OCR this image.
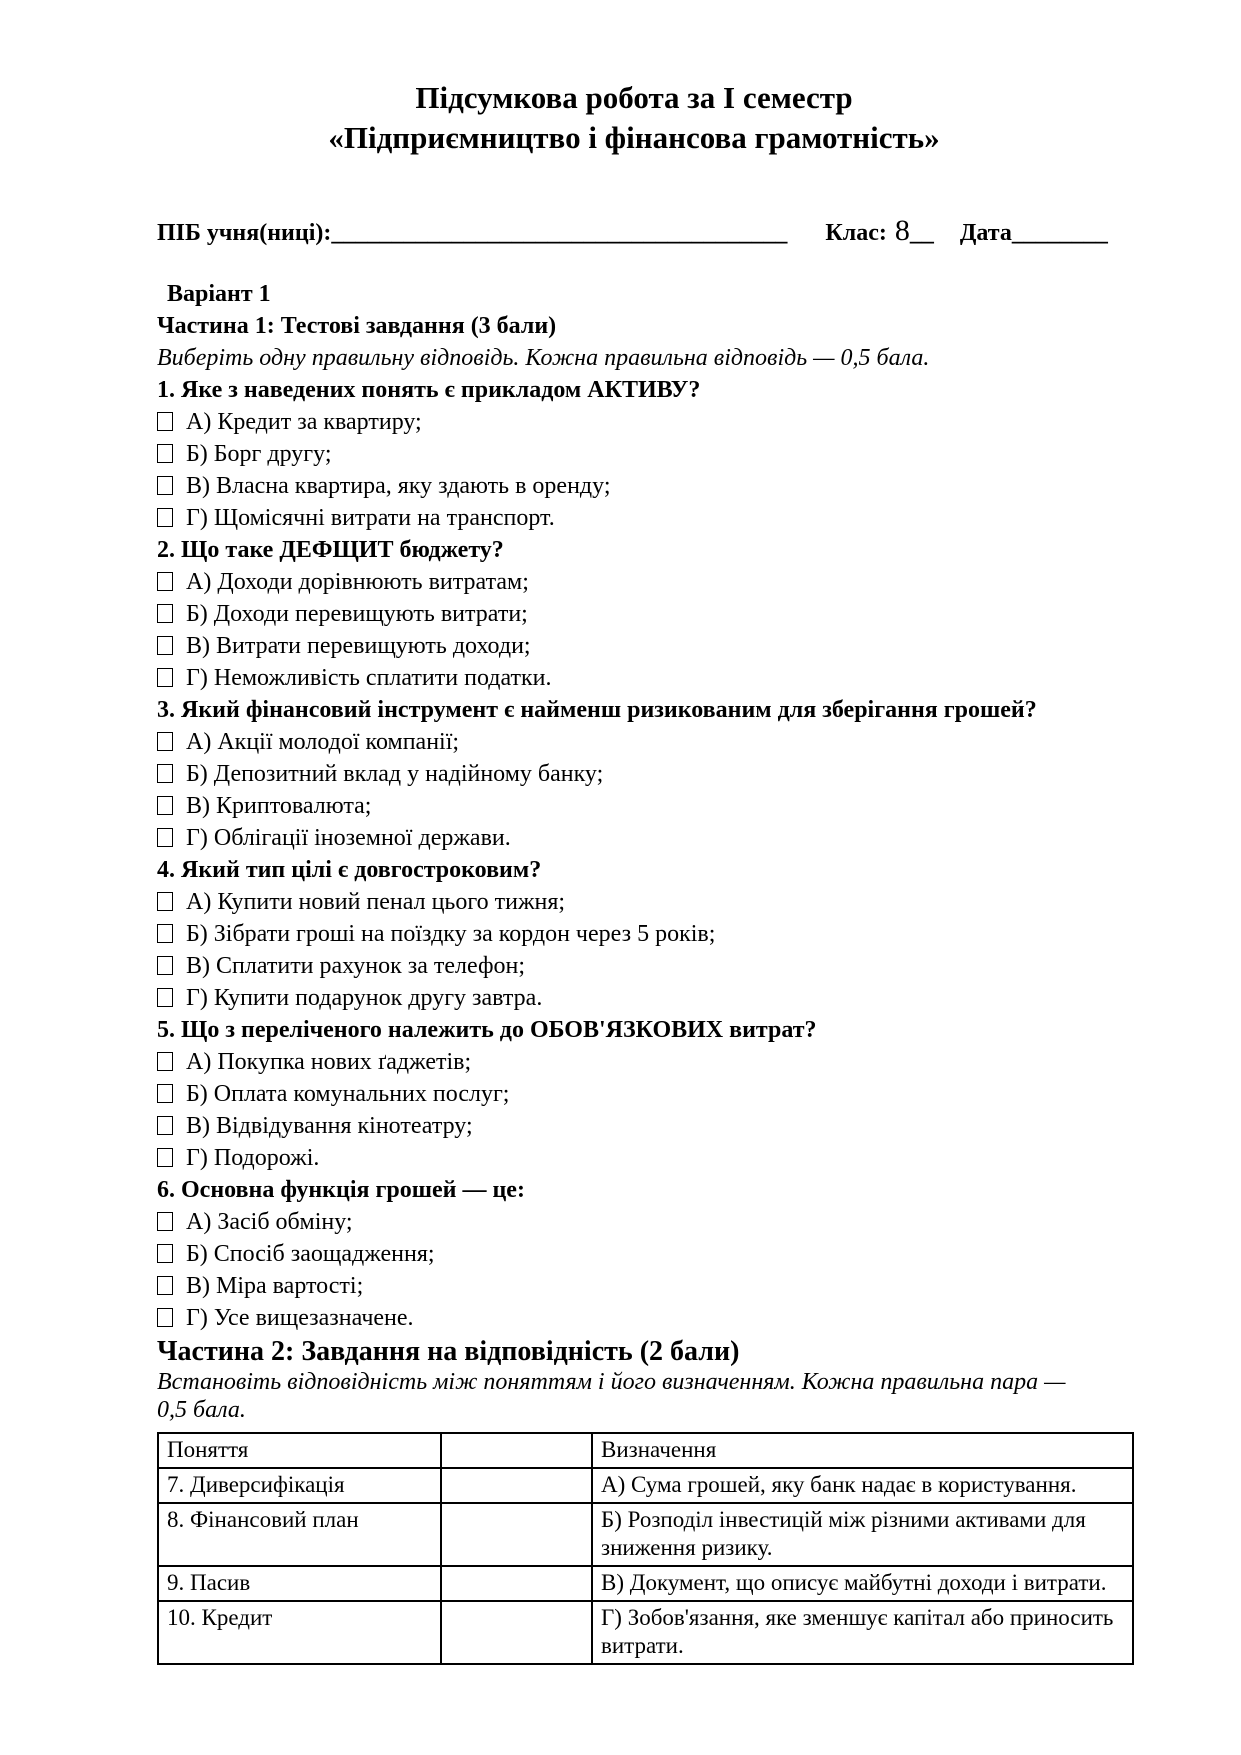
Підсумкова робота за І семестр
«Підприємництво і фінансова грамотність»
ПІБ учня(ниці): ______________________________________ Клас: 8 __ Дата ________
Варіант 1
Частина 1: Тестові завдання (3 бали)
Виберіть одну правильну відповідь. Кожна правильна відповідь — 0,5 бала.
1. Яке з наведених понять є прикладом АКТИВУ?
А) Кредит за квартиру;
Б) Борг другу;
В) Власна квартира, яку здають в оренду;
Г) Щомісячні витрати на транспорт.
2. Що таке ДЕФЩИТ бюджету?
А) Доходи дорівнюють витратам;
Б) Доходи перевищують витрати;
В) Витрати перевищують доходи;
Г) Неможливість сплатити податки.
3. Який фінансовий інструмент є найменш ризикованим для зберігання грошей?
А) Акції молодої компанії;
Б) Депозитний вклад у надійному банку;
В) Криптовалюта;
Г) Облігації іноземної держави.
4. Який тип цілі є довгостроковим?
А) Купити новий пенал цього тижня;
Б) Зібрати гроші на поїздку за кордон через 5 років;
В) Сплатити рахунок за телефон;
Г) Купити подарунок другу завтра.
5. Що з переліченого належить до ОБОВ'ЯЗКОВИХ витрат?
А) Покупка нових ґаджетів;
Б) Оплата комунальних послуг;
В) Відвідування кінотеатру;
Г) Подорожі.
6. Основна функція грошей — це:
А) Засіб обміну;
Б) Спосіб заощадження;
В) Міра вартості;
Г) Усе вищезазначене.
Частина 2: Завдання на відповідність (2 бали)
Встановіть відповідність між поняттям і його визначенням. Кожна правильна пара — 0,5 бала.
Поняття		Визначення
7. Диверсифікація		А) Сума грошей, яку банк надає в користування.
8. Фінансовий план		Б) Розподіл інвестицій між різними активами для зниження ризику.
9. Пасив		В) Документ, що описує майбутні доходи і витрати.
10. Кредит		Г) Зобов'язання, яке зменшує капітал або приносить витрати.
